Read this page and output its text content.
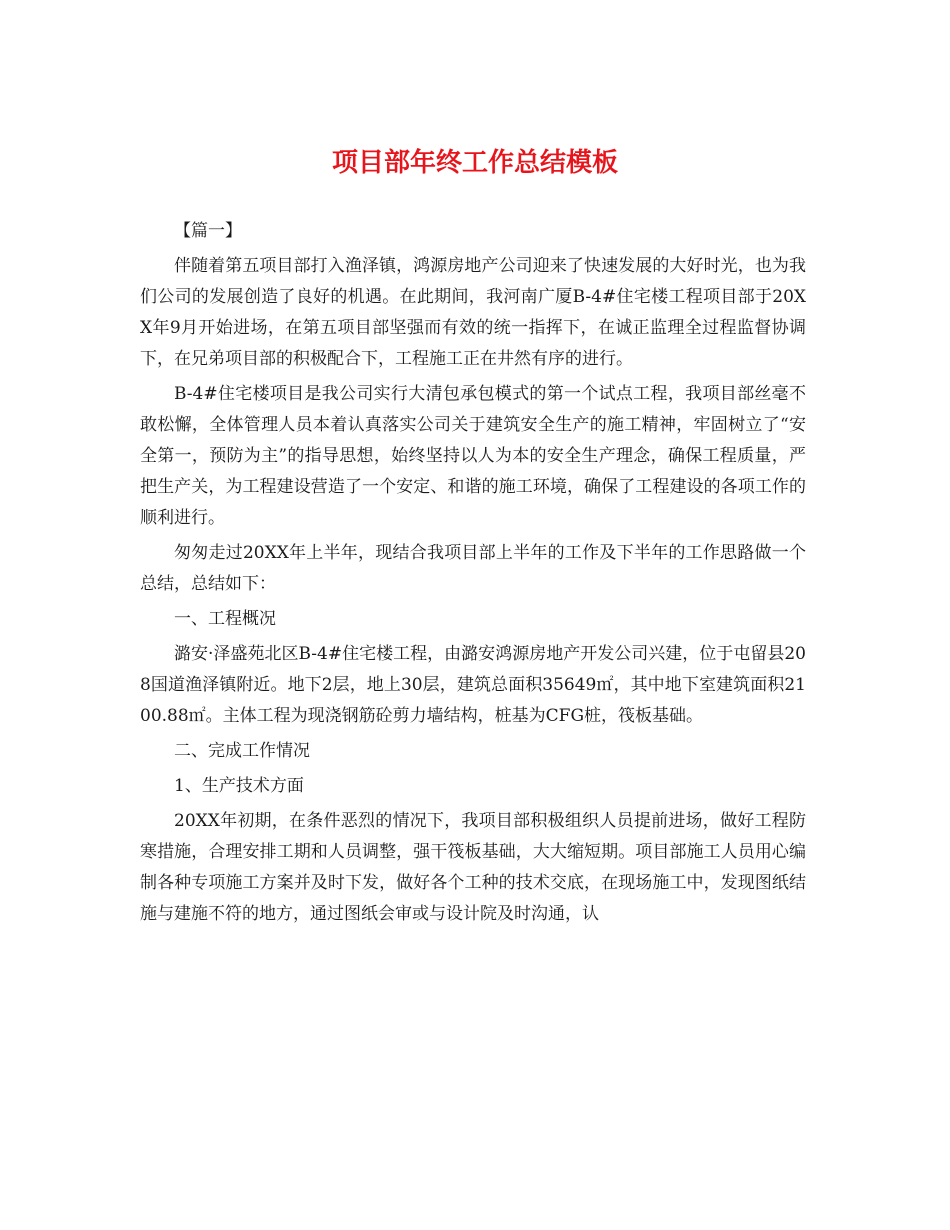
项目部年终工作总结模板

【篇一】

伴随着第五项目部打入渔泽镇，鸿源房地产公司迎来了快速发展的大好时光，也为我们公司的发展创造了良好的机遇。在此期间，我河南广厦B-4#住宅楼工程项目部于20XX年9月开始进场，在第五项目部坚强而有效的统一指挥下，在诚正监理全过程监督协调下，在兄弟项目部的积极配合下，工程施工正在井然有序的进行。

B-4#住宅楼项目是我公司实行大清包承包模式的第一个试点工程，我项目部丝毫不敢松懈，全体管理人员本着认真落实公司关于建筑安全生产的施工精神，牢固树立了“安全第一，预防为主”的指导思想，始终坚持以人为本的安全生产理念，确保工程质量，严把生产关，为工程建设营造了一个安定、和谐的施工环境，确保了工程建设的各项工作的顺利进行。

匆匆走过20XX年上半年，现结合我项目部上半年的工作及下半年的工作思路做一个总结，总结如下：

一、工程概况

潞安·泽盛苑北区B-4#住宅楼工程，由潞安鸿源房地产开发公司兴建，位于屯留县208国道渔泽镇附近。地下2层，地上30层，建筑总面积35649㎡，其中地下室建筑面积2100.88㎡。主体工程为现浇钢筋砼剪力墙结构，桩基为CFG桩，筏板基础。

二、完成工作情况

1、生产技术方面

20XX年初期，在条件恶烈的情况下，我项目部积极组织人员提前进场，做好工程防寒措施，合理安排工期和人员调整，强干筏板基础，大大缩短期。项目部施工人员用心编制各种专项施工方案并及时下发，做好各个工种的技术交底，在现场施工中，发现图纸结施与建施不符的地方，通过图纸会审或与设计院及时沟通，认
